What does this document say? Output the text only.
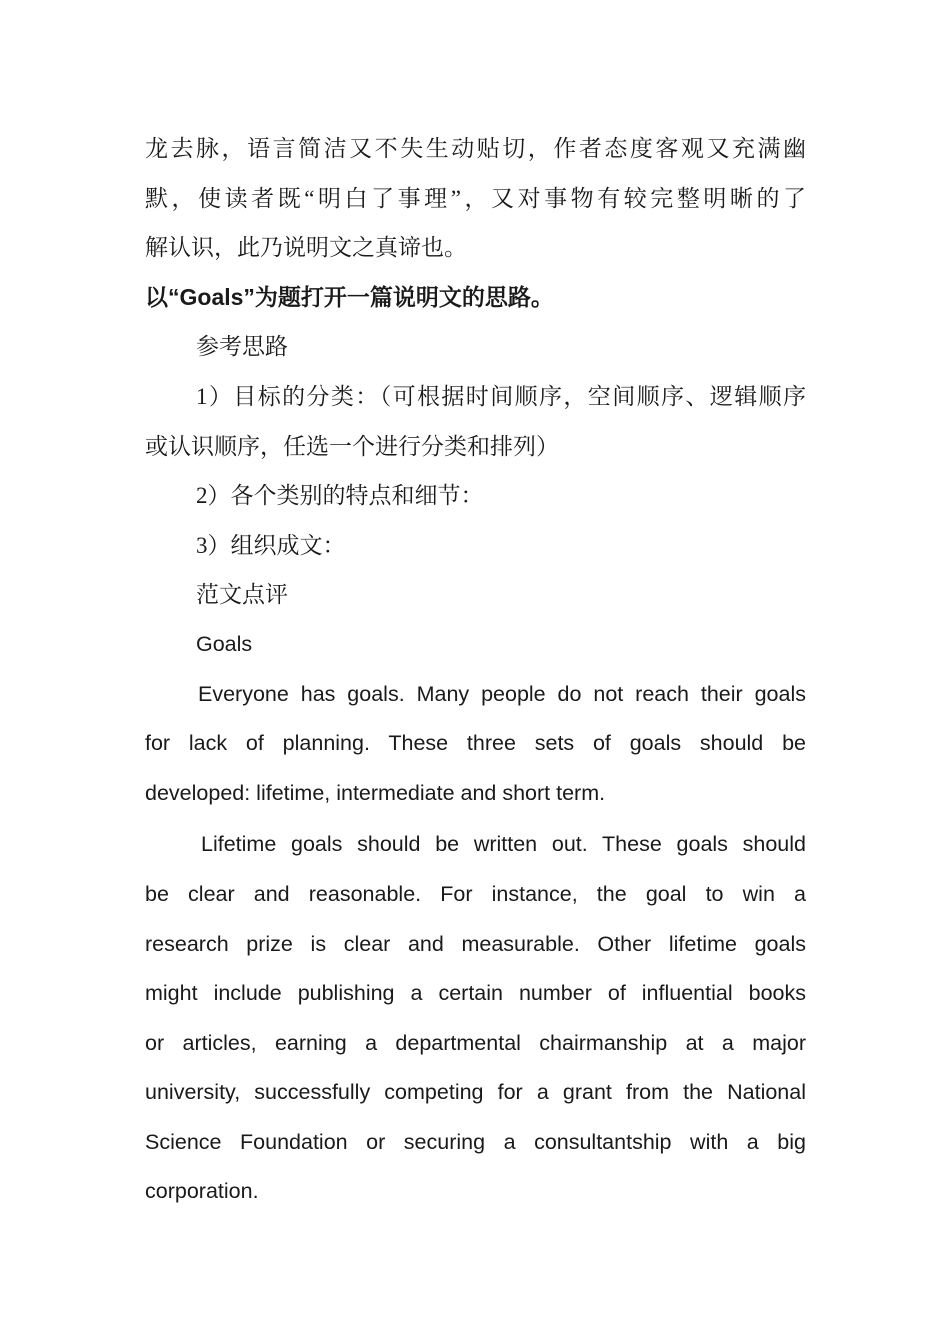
龙去脉，语言简洁又不失生动贴切，作者态度客观又充满幽
默，使读者既“明白了事理”，又对事物有较完整明晰的了
解认识，此乃说明文之真谛也。
以“Goals”为题打开一篇说明文的思路。
参考思路
1）目标的分类：（可根据时间顺序，空间顺序、逻辑顺序
或认识顺序，任选一个进行分类和排列）
2）各个类别的特点和细节：
3）组织成文：
范文点评
Goals
Everyone has goals. Many people do not reach their goals
for lack of planning. These three sets of goals should be
developed: lifetime, intermediate and short term.
Lifetime goals should be written out. These goals should
be clear and reasonable. For instance, the goal to win a
research prize is clear and measurable. Other lifetime goals
might include publishing a certain number of influential books
or articles, earning a departmental chairmanship at a major
university, successfully competing for a grant from the National
Science Foundation or securing a consultantship with a big
corporation.
